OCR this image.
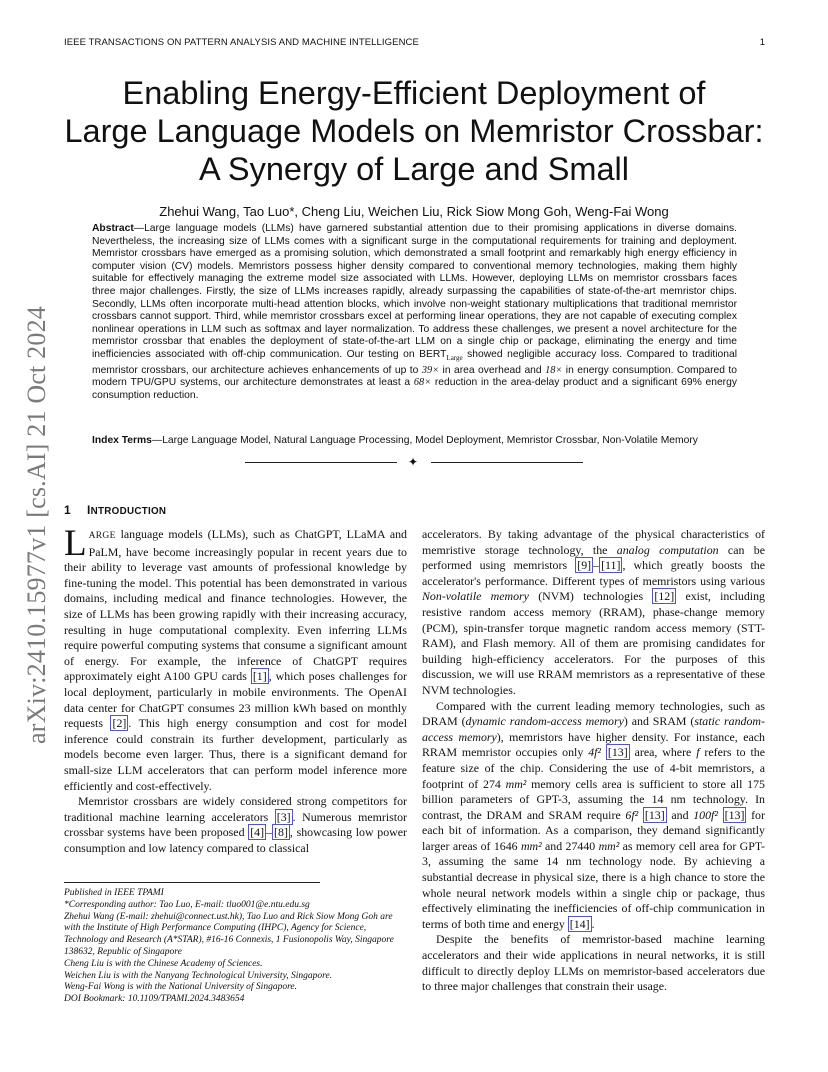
IEEE TRANSACTIONS ON PATTERN ANALYSIS AND MACHINE INTELLIGENCE	1
arXiv:2410.15977v1 [cs.AI] 21 Oct 2024
Enabling Energy-Efficient Deployment of
Large Language Models on Memristor Crossbar:
A Synergy of Large and Small
Zhehui Wang, Tao Luo*, Cheng Liu, Weichen Liu, Rick Siow Mong Goh, Weng-Fai Wong
Abstract—Large language models (LLMs) have garnered substantial attention due to their promising applications in diverse domains. Nevertheless, the increasing size of LLMs comes with a significant surge in the computational requirements for training and deployment. Memristor crossbars have emerged as a promising solution, which demonstrated a small footprint and remarkably high energy efficiency in computer vision (CV) models. Memristors possess higher density compared to conventional memory technologies, making them highly suitable for effectively managing the extreme model size associated with LLMs. However, deploying LLMs on memristor crossbars faces three major challenges. Firstly, the size of LLMs increases rapidly, already surpassing the capabilities of state-of-the-art memristor chips. Secondly, LLMs often incorporate multi-head attention blocks, which involve non-weight stationary multiplications that traditional memristor crossbars cannot support. Third, while memristor crossbars excel at performing linear operations, they are not capable of executing complex nonlinear operations in LLM such as softmax and layer normalization. To address these challenges, we present a novel architecture for the memristor crossbar that enables the deployment of state-of-the-art LLM on a single chip or package, eliminating the energy and time inefficiencies associated with off-chip communication. Our testing on $BERT_{Large}$ showed negligible accuracy loss. Compared to traditional memristor crossbars, our architecture achieves enhancements of up to 39× in area overhead and 18× in energy consumption. Compared to modern TPU/GPU systems, our architecture demonstrates at least a 68× reduction in the area-delay product and a significant 69% energy consumption reduction.
Index Terms—Large Language Model, Natural Language Processing, Model Deployment, Memristor Crossbar, Non-Volatile Memory
✦
1 INTRODUCTION

LARGE language models (LLMs), such as ChatGPT, LLaMA and PaLM, have become increasingly popular in recent years due to their ability to leverage vast amounts of professional knowledge by fine-tuning the model. This potential has been demonstrated in various domains, including medical and finance technologies. However, the size of LLMs has been growing rapidly with their increasing accuracy, resulting in huge computational complexity. Even inferring LLMs require powerful computing systems that consume a significant amount of energy. For example, the inference of ChatGPT requires approximately eight A100 GPU cards [1] , which poses challenges for local deployment, particularly in mobile environments. The OpenAI data center for ChatGPT consumes 23 million kWh based on monthly requests [2] . This high energy consumption and cost for model inference could constrain its further development, particularly as models become even larger. Thus, there is a significant demand for small-size LLM accelerators that can perform model inference more efficiently and cost-effectively.

Memristor crossbars are widely considered strong competitors for traditional machine learning accelerators [3] . Numerous memristor crossbar systems have been proposed [4] – [8] , showcasing low power consumption and low latency compared to classical

Published in IEEE TPAMI
*Corresponding author: Tao Luo, E-mail: tluo001@e.ntu.edu.sg
Zhehui Wang (E-mail: zhehui@connect.ust.hk), Tao Luo and Rick Siow Mong Goh are with the Institute of High Performance Computing (IHPC), Agency for Science, Technology and Research (A*STAR), #16-16 Connexis, 1 Fusionopolis Way, Singapore 138632, Republic of Singapore
Cheng Liu is with the Chinese Academy of Sciences.
Weichen Liu is with the Nanyang Technological University, Singapore.
Weng-Fai Wong is with the National University of Singapore.
DOI Bookmark: 10.1109/TPAMI.2024.3483654

accelerators. By taking advantage of the physical characteristics of memristive storage technology, the analog computation can be performed using memristors [9] – [11] , which greatly boosts the accelerator's performance. Different types of memristors using various Non-volatile memory (NVM) technologies [12] exist, including resistive random access memory (RRAM), phase-change memory (PCM), spin-transfer torque magnetic random access memory (STT-RAM), and Flash memory. All of them are promising candidates for building high-efficiency accelerators. For the purposes of this discussion, we will use RRAM memristors as a representative of these NVM technologies.

Compared with the current leading memory technologies, such as DRAM (dynamic random-access memory) and SRAM (static random-access memory), memristors have higher density. For instance, each RRAM memristor occupies only 4f² [13] area, where f refers to the feature size of the chip. Considering the use of 4-bit memristors, a footprint of 274 mm² memory cells area is sufficient to store all 175 billion parameters of GPT-3, assuming the 14 nm technology. In contrast, the DRAM and SRAM require 6f² [13] and 100f² [13] for each bit of information. As a comparison, they demand significantly larger areas of 1646 mm² and 27440 mm² as memory cell area for GPT-3, assuming the same 14 nm technology node. By achieving a substantial decrease in physical size, there is a high chance to store the whole neural network models within a single chip or package, thus effectively eliminating the inefficiencies of off-chip communication in terms of both time and energy [14] .

Despite the benefits of memristor-based machine learning accelerators and their wide applications in neural networks, it is still difficult to directly deploy LLMs on memristor-based accelerators due to three major challenges that constrain their usage.
